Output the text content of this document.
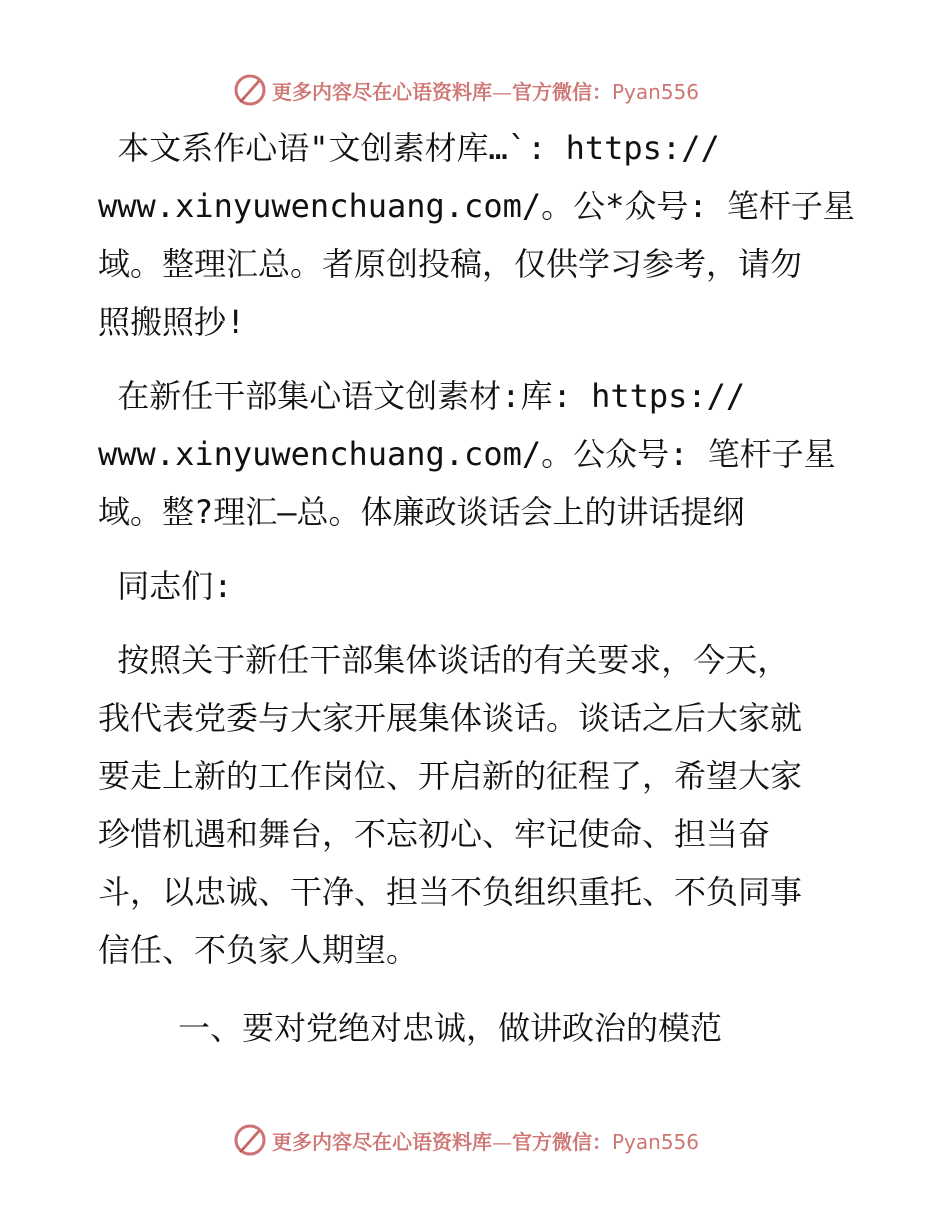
更多内容尽在心语资料库—官方微信：Pyan556
本文系作心语"文创素材库…`: https://
www.xinyuwenchuang.com/。公*众号: 笔杆子星
域。整理汇总。者原创投稿，仅供学习参考，请勿
照搬照抄!
在新任干部集心语文创素材:库: https://
www.xinyuwenchuang.com/。公众号: 笔杆子星
域。整?理汇—总。体廉政谈话会上的讲话提纲
同志们:
按照关于新任干部集体谈话的有关要求，今天，
我代表党委与大家开展集体谈话。谈话之后大家就
要走上新的工作岗位、开启新的征程了，希望大家
珍惜机遇和舞台，不忘初心、牢记使命、担当奋
斗，以忠诚、干净、担当不负组织重托、不负同事
信任、不负家人期望。
一、要对党绝对忠诚，做讲政治的模范
更多内容尽在心语资料库—官方微信：Pyan556
